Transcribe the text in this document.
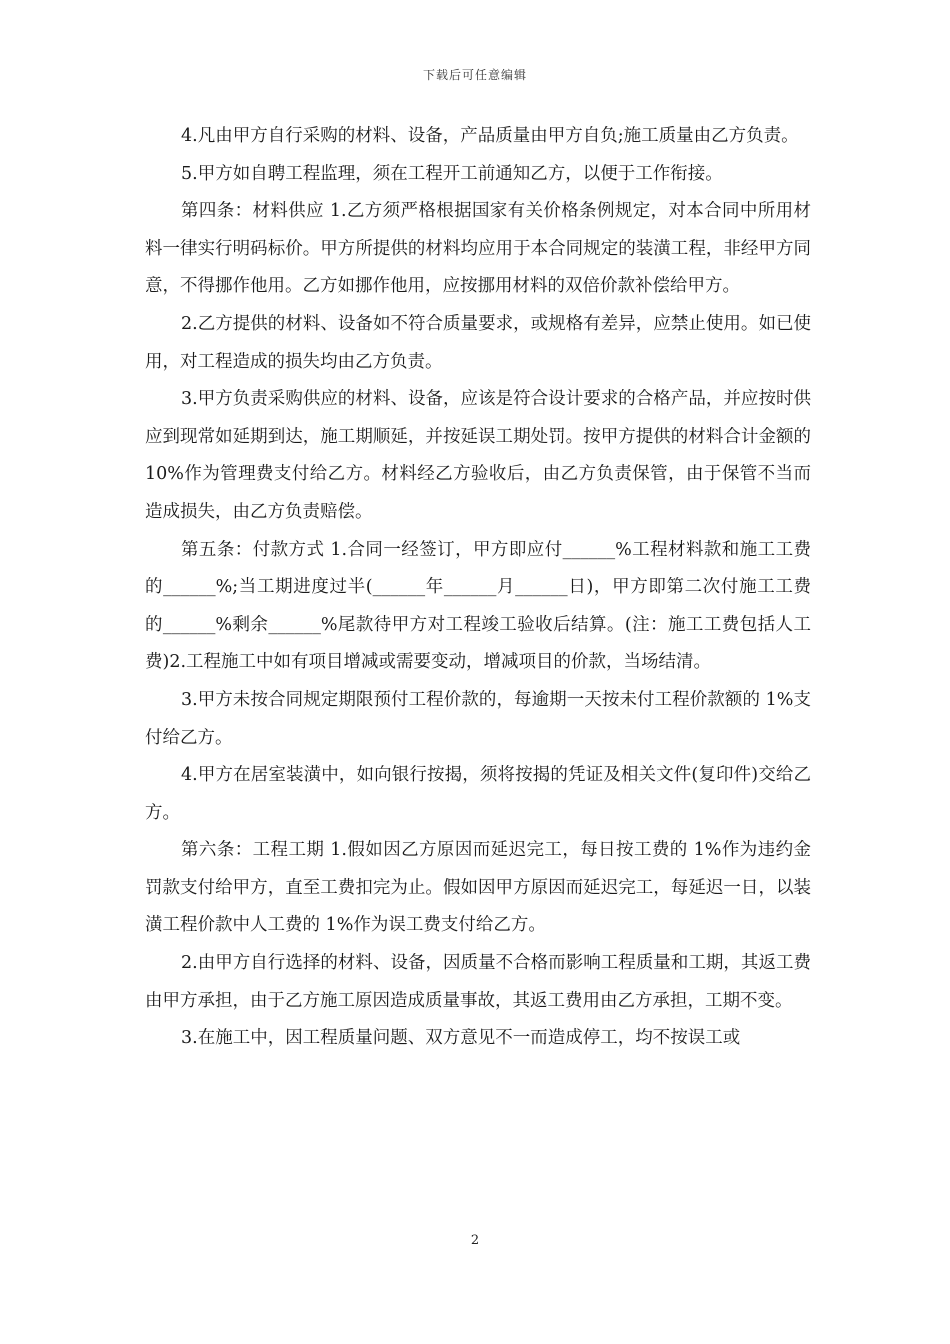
下载后可任意编辑

4.凡由甲方自行采购的材料、设备，产品质量由甲方自负;施工质量由乙方负责。

5.甲方如自聘工程监理，须在工程开工前通知乙方，以便于工作衔接。

第四条：材料供应 1.乙方须严格根据国家有关价格条例规定，对本合同中所用材料一律实行明码标价。甲方所提供的材料均应用于本合同规定的装潢工程，非经甲方同意，不得挪作他用。乙方如挪作他用，应按挪用材料的双倍价款补偿给甲方。

2.乙方提供的材料、设备如不符合质量要求，或规格有差异，应禁止使用。如已使用，对工程造成的损失均由乙方负责。

3.甲方负责采购供应的材料、设备，应该是符合设计要求的合格产品，并应按时供应到现常如延期到达，施工期顺延，并按延误工期处罚。按甲方提供的材料合计金额的 10%作为管理费支付给乙方。材料经乙方验收后，由乙方负责保管，由于保管不当而造成损失，由乙方负责赔偿。

第五条：付款方式 1.合同一经签订，甲方即应付______%工程材料款和施工工费的______%;当工期进度过半(______年______月______日)，甲方即第二次付施工工费的______%剩余______%尾款待甲方对工程竣工验收后结算。(注：施工工费包括人工费)2.工程施工中如有项目增减或需要变动，增减项目的价款，当场结清。

3.甲方未按合同规定期限预付工程价款的，每逾期一天按未付工程价款额的 1%支付给乙方。

4.甲方在居室装潢中，如向银行按揭，须将按揭的凭证及相关文件(复印件)交给乙方。

第六条：工程工期 1.假如因乙方原因而延迟完工，每日按工费的 1%作为违约金罚款支付给甲方，直至工费扣完为止。假如因甲方原因而延迟完工，每延迟一日，以装潢工程价款中人工费的 1%作为误工费支付给乙方。

2.由甲方自行选择的材料、设备，因质量不合格而影响工程质量和工期，其返工费由甲方承担，由于乙方施工原因造成质量事故，其返工费用由乙方承担，工期不变。

3.在施工中，因工程质量问题、双方意见不一而造成停工，均不按误工或

2
